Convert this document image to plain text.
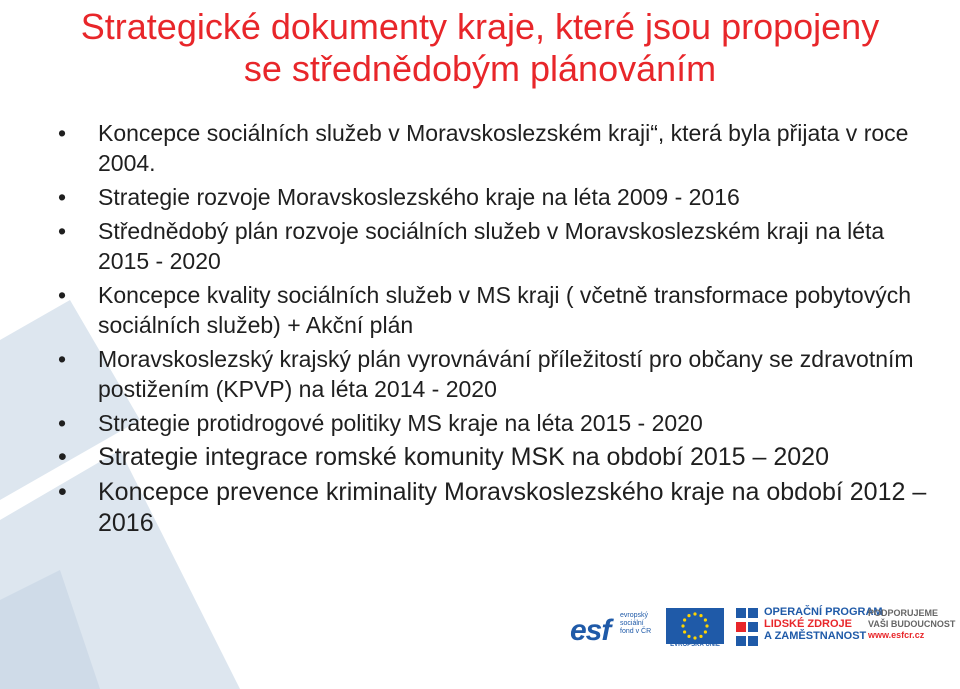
Strategické dokumenty kraje, které jsou propojeny
se střednědobým plánováním
• Koncepce sociálních služeb v Moravskoslezském kraji“, která byla přijata v roce 2004.
• Strategie rozvoje Moravskoslezského kraje na léta 2009 - 2016
• Střednědobý plán rozvoje sociálních služeb v Moravskoslezském kraji na léta 2015 - 2020
• Koncepce kvality sociálních služeb v MS kraji ( včetně transformace pobytových sociálních služeb) + Akční plán
• Moravskoslezský krajský plán vyrovnávání příležitostí pro občany se zdravotním postižením (KPVP) na léta 2014 - 2020
• Strategie protidrogové politiky MS kraje na léta 2015 - 2020
• Strategie integrace romské komunity MSK na období 2015 – 2020
• Koncepce prevence kriminality Moravskoslezského kraje na období 2012 – 2016
esf evropský
sociální
fond v ČR
EVROPSKÁ UNIE
OPERAČNÍ PROGRAM
LIDSKÉ ZDROJE
A ZAMĚSTNANOST
PODPORUJEME
VAŠI BUDOUCNOST
www.esfcr.cz
